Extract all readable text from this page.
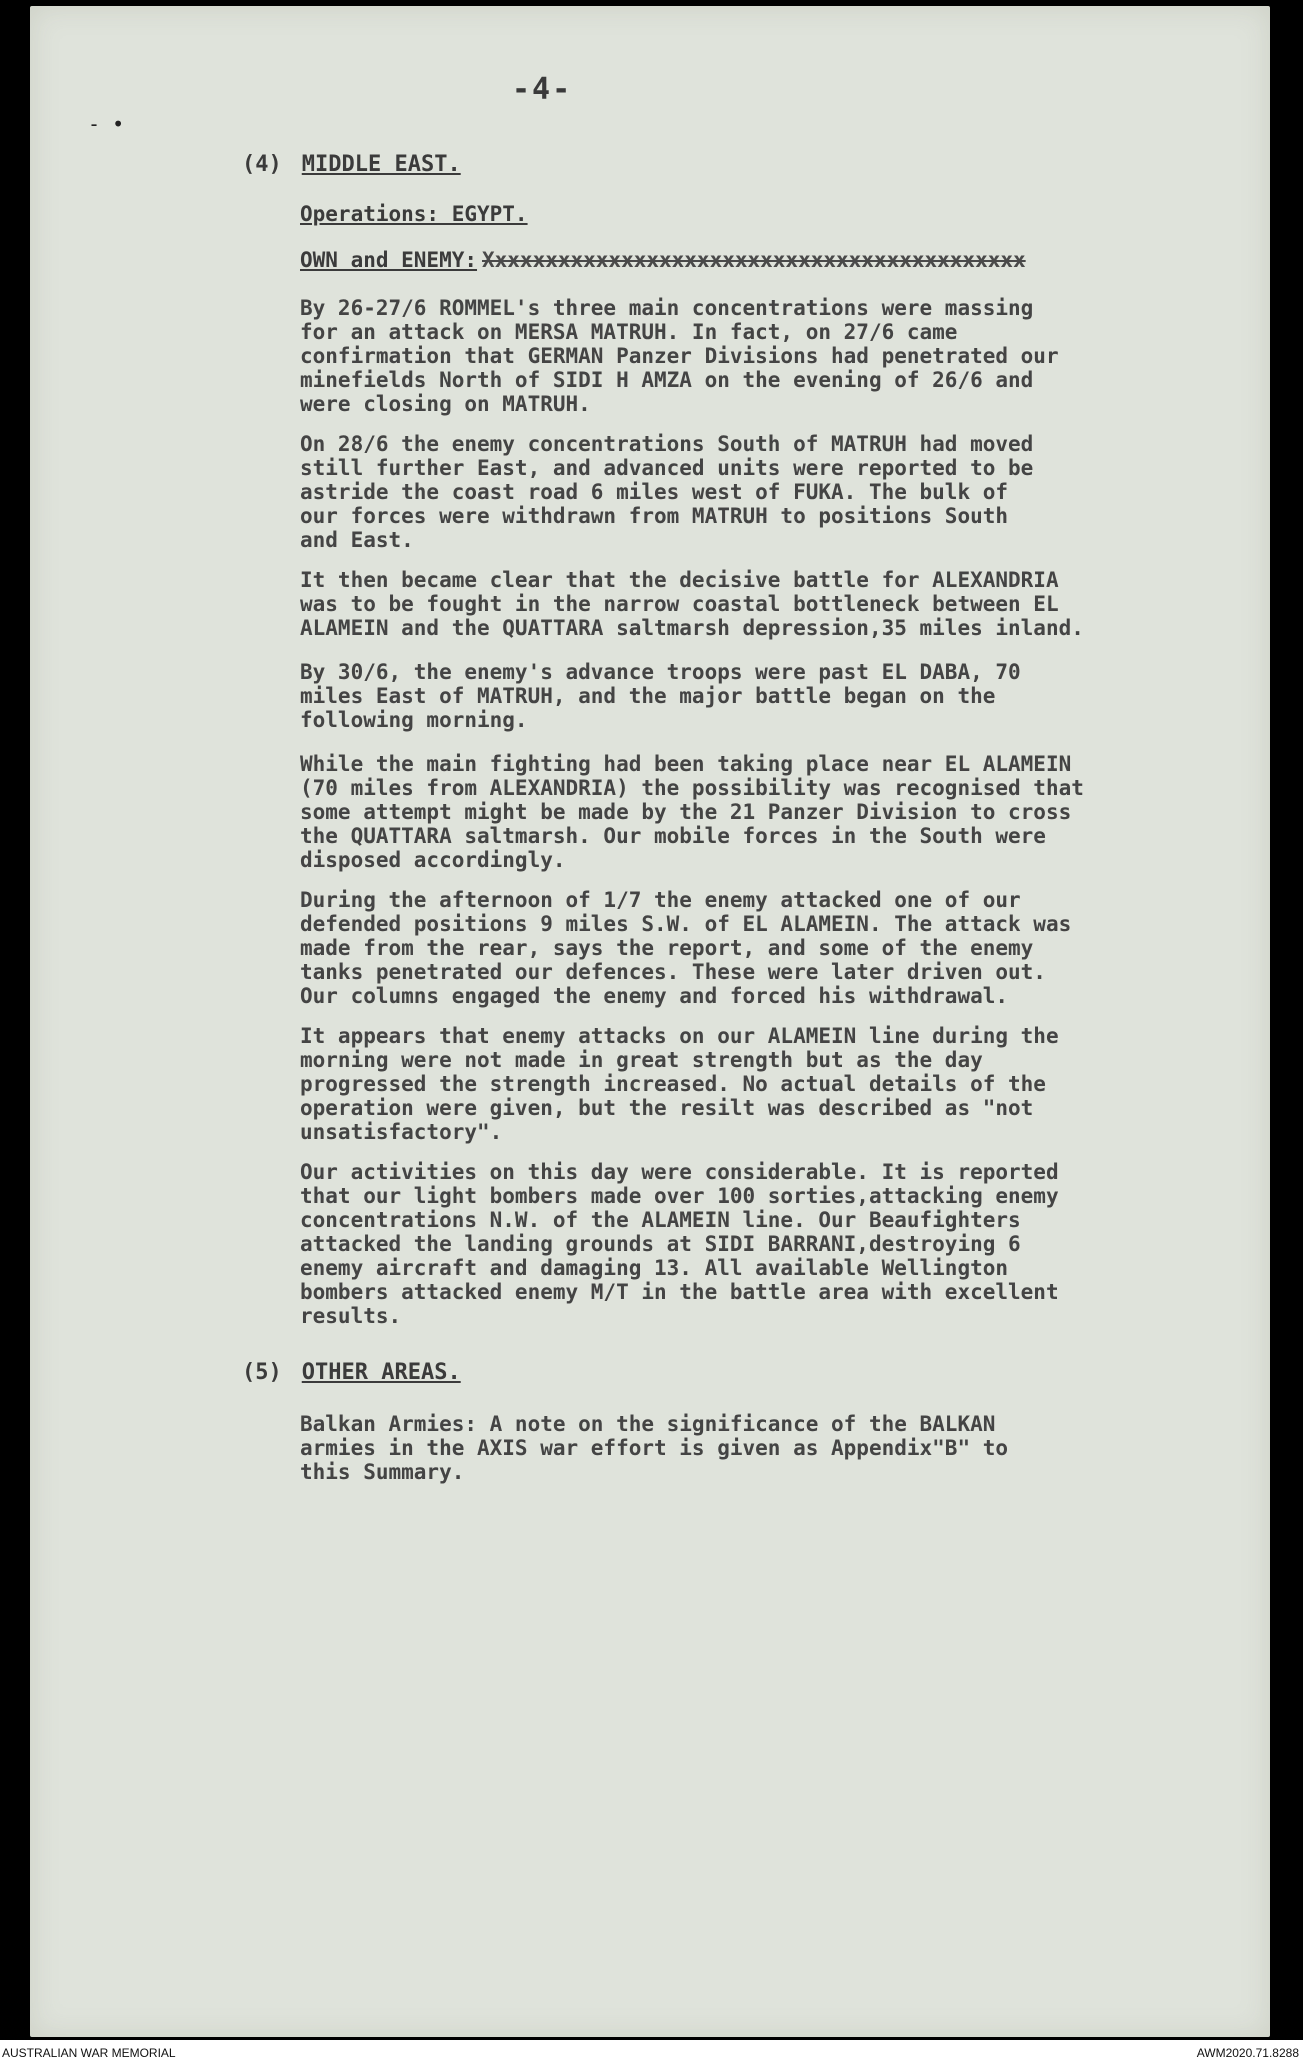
-4-
- •
(4) MIDDLE EAST.
Operations: EGYPT.
OWN and ENEMY: Xxxxxxxxxxxxxxxxxxxxxxxxxxxxxxxxxxxxxxxxxxx
By 26-27/6 ROMMEL's three main concentrations were massing
for an attack on MERSA MATRUH. In fact, on 27/6 came
confirmation that GERMAN Panzer Divisions had penetrated our
minefields North of SIDI H AMZA on the evening of 26/6 and
were closing on MATRUH.
On 28/6 the enemy concentrations South of MATRUH had moved
still further East, and advanced units were reported to be
astride the coast road 6 miles west of FUKA. The bulk of
our forces were withdrawn from MATRUH to positions South
and East.
It then became clear that the decisive battle for ALEXANDRIA
was to be fought in the narrow coastal bottleneck between EL
ALAMEIN and the QUATTARA saltmarsh depression,35 miles inland.
By 30/6, the enemy's advance troops were past EL DABA, 70
miles East of MATRUH, and the major battle began on the
following morning.
While the main fighting had been taking place near EL ALAMEIN
(70 miles from ALEXANDRIA) the possibility was recognised that
some attempt might be made by the 21 Panzer Division to cross
the QUATTARA saltmarsh. Our mobile forces in the South were
disposed accordingly.
During the afternoon of 1/7 the enemy attacked one of our
defended positions 9 miles S.W. of EL ALAMEIN. The attack was
made from the rear, says the report, and some of the enemy
tanks penetrated our defences. These were later driven out.
Our columns engaged the enemy and forced his withdrawal.
It appears that enemy attacks on our ALAMEIN line during the
morning were not made in great strength but as the day
progressed the strength increased. No actual details of the
operation were given, but the resilt was described as "not
unsatisfactory".
Our activities on this day were considerable. It is reported
that our light bombers made over 100 sorties,attacking enemy
concentrations N.W. of the ALAMEIN line. Our Beaufighters
attacked the landing grounds at SIDI BARRANI,destroying 6
enemy aircraft and damaging 13. All available Wellington
bombers attacked enemy M/T in the battle area with excellent
results.
(5) OTHER AREAS.
Balkan Armies: A note on the significance of the BALKAN
armies in the AXIS war effort is given as Appendix"B" to
this Summary.
AUSTRALIAN WAR MEMORIAL	AWM2020.71.8288
